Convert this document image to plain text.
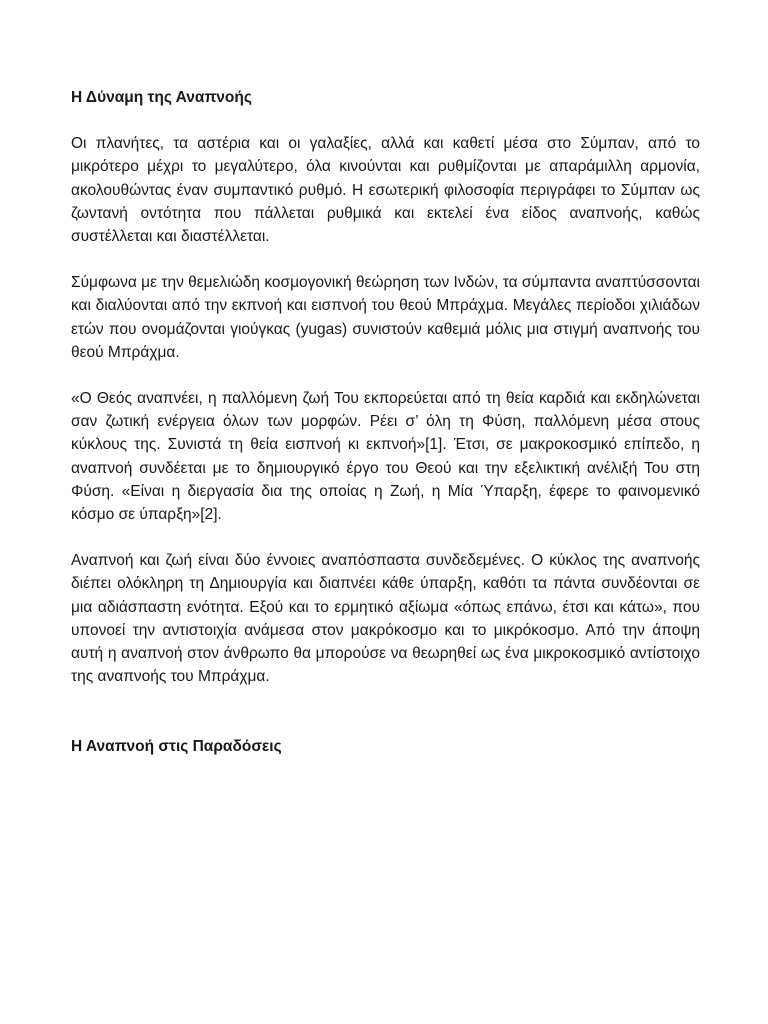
Η Δύναμη της Αναπνοής

Οι πλανήτες, τα αστέρια και οι γαλαξίες, αλλά και καθετί μέσα στο Σύμπαν, από το μικρότερο μέχρι το μεγαλύτερο, όλα κινούνται και ρυθμίζονται με απαράμιλλη αρμονία, ακολουθώντας έναν συμπαντικό ρυθμό. Η εσωτερική φιλοσοφία περιγράφει το Σύμπαν ως ζωντανή οντότητα που πάλλεται ρυθμικά και εκτελεί ένα είδος αναπνοής, καθώς συστέλλεται και διαστέλλεται.

Σύμφωνα με την θεμελιώδη κοσμογονική θεώρηση των Ινδών, τα σύμπαντα αναπτύσσονται και διαλύονται από την εκπνοή και εισπνοή του θεού Μπράχμα. Μεγάλες περίοδοι χιλιάδων ετών που ονομάζονται γιούγκας (yugas) συνιστούν καθεμιά μόλις μια στιγμή αναπνοής του θεού Μπράχμα.

«Ο Θεός αναπνέει, η παλλόμενη ζωή Του εκπορεύεται από τη θεία καρδιά και εκδηλώνεται σαν ζωτική ενέργεια όλων των μορφών. Ρέει σ’ όλη τη Φύση, παλλόμενη μέσα στους κύκλους της. Συνιστά τη θεία εισπνοή κι εκπνοή»[1]. Έτσι, σε μακροκοσμικό επίπεδο, η αναπνοή συνδέεται με το δημιουργικό έργο του Θεού και την εξελικτική ανέλιξή Του στη Φύση. «Είναι η διεργασία δια της οποίας η Ζωή, η Μία Ύπαρξη, έφερε το φαινομενικό κόσμο σε ύπαρξη»[2].

Αναπνοή και ζωή είναι δύο έννοιες αναπόσπαστα συνδεδεμένες. Ο κύκλος της αναπνοής διέπει ολόκληρη τη Δημιουργία και διαπνέει κάθε ύπαρξη, καθότι τα πάντα συνδέονται σε μια αδιάσπαστη ενότητα. Εξού και το ερμητικό αξίωμα «όπως επάνω, έτσι και κάτω», που υπονοεί την αντιστοιχία ανάμεσα στον μακρόκοσμο και το μικρόκοσμο. Από την άποψη αυτή η αναπνοή στον άνθρωπο θα μπορούσε να θεωρηθεί ως ένα μικροκοσμικό αντίστοιχο της αναπνοής του Μπράχμα.

Η Αναπνοή στις Παραδόσεις
